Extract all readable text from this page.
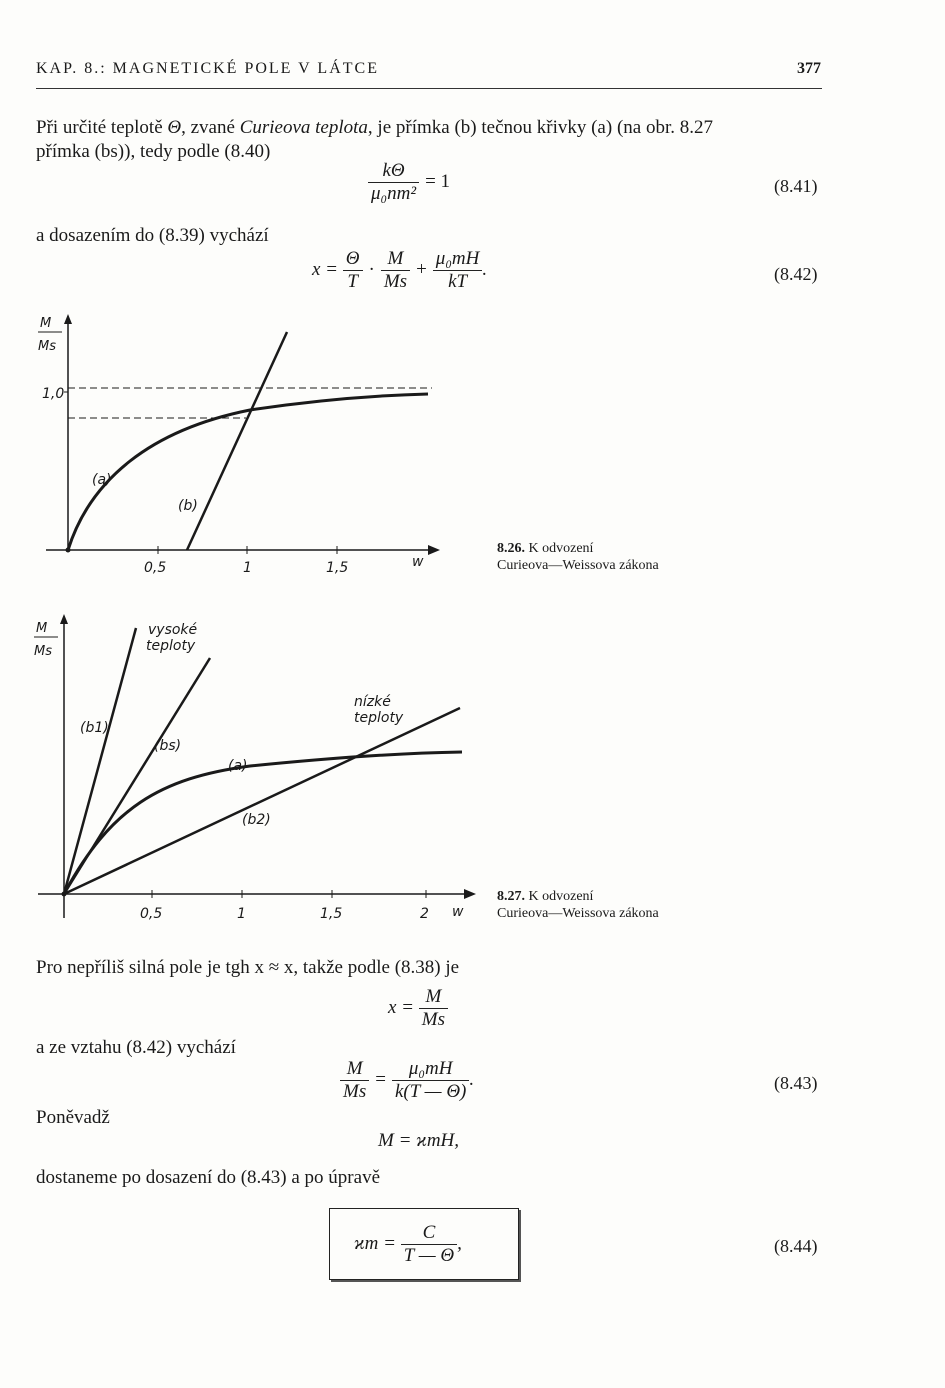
KAP. 8.: MAGNETICKÉ POLE V LÁTCE	377
Při určité teplotě Θ, zvané Curieova teplota, je přímka (b) tečnou křivky (a) (na obr. 8.27
přímka (bs)), tedy podle (8.40)
$\frac{k\Theta}{\text{μ₀nm²}} = 1$	(8.41)
a dosazením do (8.39) vychází
$x = \frac{\Theta}{T} \cdot \frac{M}{Ms} + \frac{\text{μ₀mH}}{kT}$ .	(8.42)
M
Ms
1,0
0,5	1	1,5	w
(a)
(b)
8.26. K odvození
Curieova—Weissova zákona
M
Ms
0,5	1	1,5	2 w
(b1)
(bs)
(a)
(b2)
vysoké
teploty
nízké
teploty
8.27. K odvození
Curieova—Weissova zákona
Pro nepříliš silná pole je tgh x ≈ x, takže podle (8.38) je
$x = \frac{M}{Ms}$
a ze vztahu (8.42) vychází
$\frac{M}{Ms} = \frac{\text{μ₀mH}}{k(T — \Theta)}$ .	(8.43)
Poněvadž
M = ϰmH,
dostaneme po dosazení do (8.43) a po úpravě
$ϰm = \frac{C}{T — \Theta}$ ,	(8.44)
